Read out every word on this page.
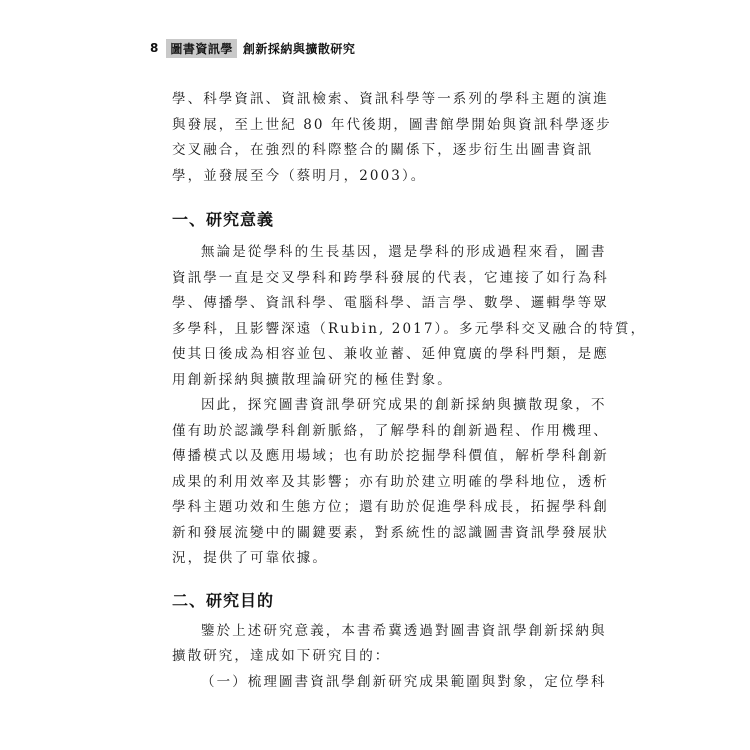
8	圖書資訊學 創新採納與擴散研究

學、科學資訊、資訊檢索、資訊科學等一系列的學科主題的演進
與發展，至上世紀 80 年代後期，圖書館學開始與資訊科學逐步
交叉融合，在強烈的科際整合的關係下，逐步衍生出圖書資訊
學，並發展至今（蔡明月，2003）。

一、研究意義

無論是從學科的生長基因，還是學科的形成過程來看，圖書
資訊學一直是交叉學科和跨學科發展的代表，它連接了如行為科
學、傳播學、資訊科學、電腦科學、語言學、數學、邏輯學等眾
多學科，且影響深遠（Rubin, 2017）。多元學科交叉融合的特質，
使其日後成為相容並包、兼收並蓄、延伸寬廣的學科門類，是應
用創新採納與擴散理論研究的極佳對象。

因此，探究圖書資訊學研究成果的創新採納與擴散現象，不
僅有助於認識學科創新脈絡，了解學科的創新過程、作用機理、
傳播模式以及應用場域；也有助於挖掘學科價值，解析學科創新
成果的利用效率及其影響；亦有助於建立明確的學科地位，透析
學科主題功效和生態方位；還有助於促進學科成長，拓握學科創
新和發展流變中的關鍵要素，對系統性的認識圖書資訊學發展狀
況，提供了可靠依據。

二、研究目的

鑒於上述研究意義，本書希冀透過對圖書資訊學創新採納與
擴散研究，達成如下研究目的：

（一）梳理圖書資訊學創新研究成果範圍與對象，定位學科
